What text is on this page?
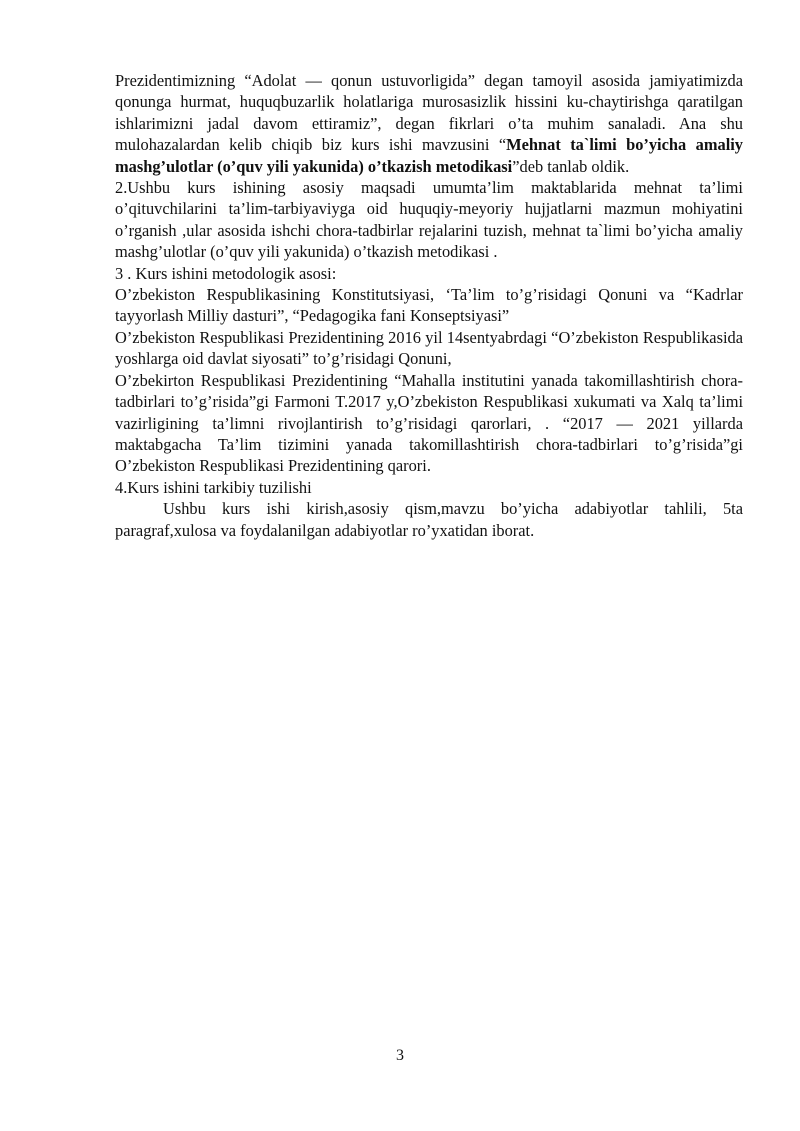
Prezidentimizning “Adolat — qonun ustuvorligida” degan tamoyil asosida jamiyatimizda qonunga hurmat, huquqbuzarlik holatlariga murosasizlik hissini ku-chaytirishga qaratilgan ishlarimizni jadal davom ettiramiz”, degan fikrlari o’ta muhim sanaladi. Ana shu mulohazalardan kelib chiqib biz kurs ishi mavzusini “Mehnat ta`limi bo’yicha amaliy mashg’ulotlar (o’quv yili yakunida) o’tkazish metodikasi”deb tanlab oldik.

2.Ushbu kurs ishining asosiy maqsadi umumta’lim maktablarida mehnat ta’limi o’qituvchilarini ta’lim-tarbiyaviyga oid huquqiy-meyoriy hujjatlarni mazmun mohiyatini o’rganish ,ular asosida ishchi chora-tadbirlar rejalarini tuzish, mehnat ta`limi bo’yicha amaliy mashg’ulotlar (o’quv yili yakunida) o’tkazish metodikasi .

3 . Kurs ishini metodologik asosi:

O’zbekiston Respublikasining Konstitutsiyasi, ‘Ta’lim to’g’risidagi Qonuni va “Kadrlar tayyorlash Milliy dasturi”, “Pedagogika fani Konseptsiyasi”

O’zbekiston Respublikasi Prezidentining 2016 yil 14sentyabrdagi “O’zbekiston Respublikasida yoshlarga oid davlat siyosati” to’g’risidagi Qonuni,

O’zbekirton Respublikasi Prezidentining “Mahalla institutini yanada takomillashtirish chora-tadbirlari to’g’risida”gi Farmoni T.2017 y,O’zbekiston Respublikasi xukumati va Xalq ta’limi vazirligining ta’limni rivojlantirish to’g’risidagi qarorlari, . “2017 — 2021 yillarda maktabgacha Ta’lim tizimini yanada takomillashtirish chora-tadbirlari to’g’risida”gi O’zbekiston Respublikasi Prezidentining qarori.

4.Kurs ishini tarkibiy tuzilishi

Ushbu kurs ishi kirish,asosiy qism,mavzu bo’yicha adabiyotlar tahlili, 5ta paragraf,xulosa va foydalanilgan adabiyotlar ro’yxatidan iborat.

3
